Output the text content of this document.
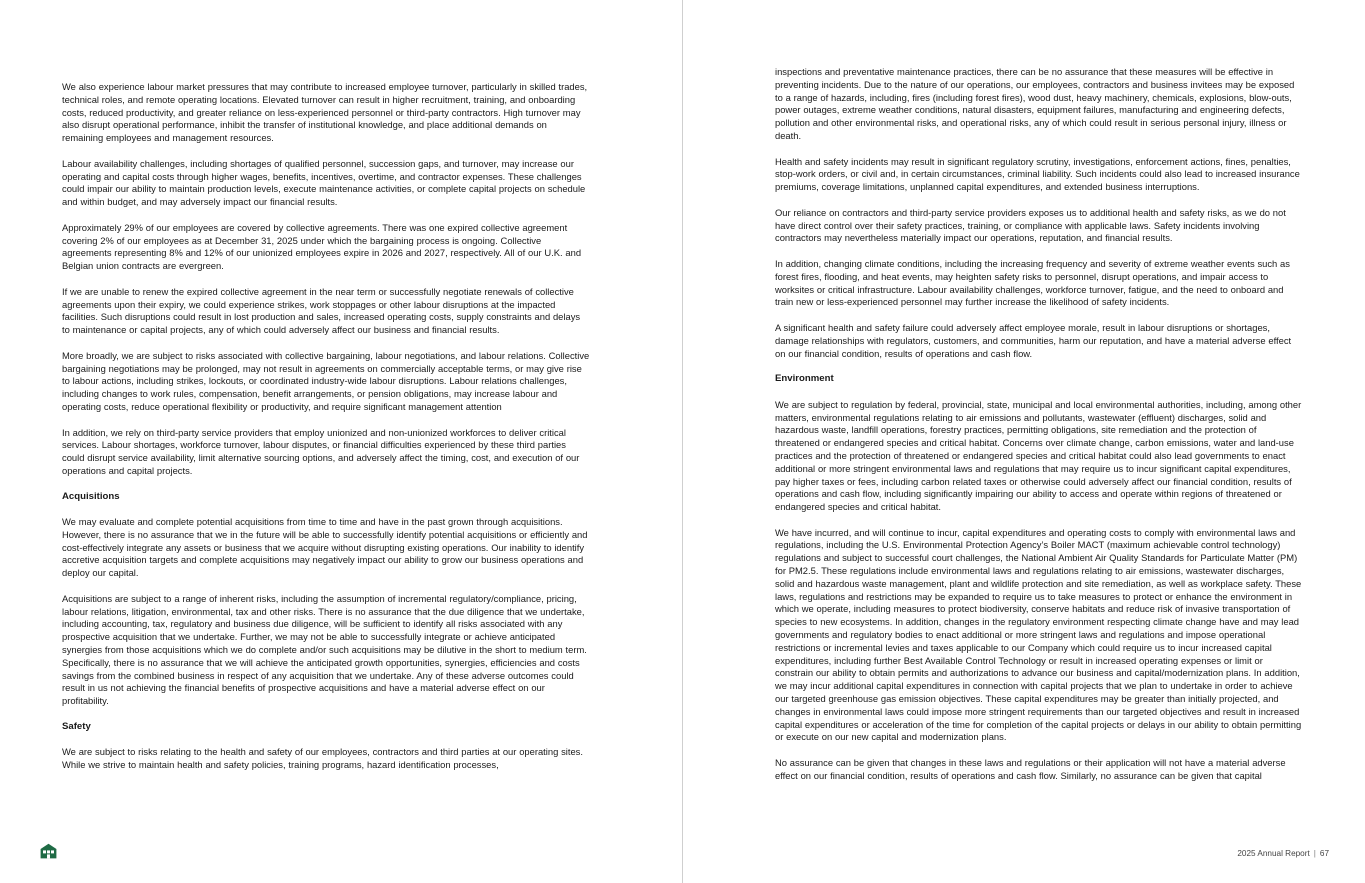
We also experience labour market pressures that may contribute to increased employee turnover, particularly in skilled trades, technical roles, and remote operating locations. Elevated turnover can result in higher recruitment, training, and onboarding costs, reduced productivity, and greater reliance on less-experienced personnel or third-party contractors. High turnover may also disrupt operational performance, inhibit the transfer of institutional knowledge, and place additional demands on remaining employees and management resources.

Labour availability challenges, including shortages of qualified personnel, succession gaps, and turnover, may increase our operating and capital costs through higher wages, benefits, incentives, overtime, and contractor expenses. These challenges could impair our ability to maintain production levels, execute maintenance activities, or complete capital projects on schedule and within budget, and may adversely impact our financial results.

Approximately 29% of our employees are covered by collective agreements. There was one expired collective agreement covering 2% of our employees as at December 31, 2025 under which the bargaining process is ongoing. Collective agreements representing 8% and 12% of our unionized employees expire in 2026 and 2027, respectively. All of our U.K. and Belgian union contracts are evergreen.

If we are unable to renew the expired collective agreement in the near term or successfully negotiate renewals of collective agreements upon their expiry, we could experience strikes, work stoppages or other labour disruptions at the impacted facilities. Such disruptions could result in lost production and sales, increased operating costs, supply constraints and delays to maintenance or capital projects, any of which could adversely affect our business and financial results.

More broadly, we are subject to risks associated with collective bargaining, labour negotiations, and labour relations. Collective bargaining negotiations may be prolonged, may not result in agreements on commercially acceptable terms, or may give rise to labour actions, including strikes, lockouts, or coordinated industry-wide labour disruptions. Labour relations challenges, including changes to work rules, compensation, benefit arrangements, or pension obligations, may increase labour and operating costs, reduce operational flexibility or productivity, and require significant management attention

In addition, we rely on third-party service providers that employ unionized and non-unionized workforces to deliver critical services. Labour shortages, workforce turnover, labour disputes, or financial difficulties experienced by these third parties could disrupt service availability, limit alternative sourcing options, and adversely affect the timing, cost, and execution of our operations and capital projects.

Acquisitions

We may evaluate and complete potential acquisitions from time to time and have in the past grown through acquisitions. However, there is no assurance that we in the future will be able to successfully identify potential acquisitions or efficiently and cost-effectively integrate any assets or business that we acquire without disrupting existing operations. Our inability to identify accretive acquisition targets and complete acquisitions may negatively impact our ability to grow our business operations and deploy our capital.

Acquisitions are subject to a range of inherent risks, including the assumption of incremental regulatory/compliance, pricing, labour relations, litigation, environmental, tax and other risks. There is no assurance that the due diligence that we undertake, including accounting, tax, regulatory and business due diligence, will be sufficient to identify all risks associated with any prospective acquisition that we undertake. Further, we may not be able to successfully integrate or achieve anticipated synergies from those acquisitions which we do complete and/or such acquisitions may be dilutive in the short to medium term. Specifically, there is no assurance that we will achieve the anticipated growth opportunities, synergies, efficiencies and costs savings from the combined business in respect of any acquisition that we undertake. Any of these adverse outcomes could result in us not achieving the financial benefits of prospective acquisitions and have a material adverse effect on our profitability.

Safety

We are subject to risks relating to the health and safety of our employees, contractors and third parties at our operating sites. While we strive to maintain health and safety policies, training programs, hazard identification processes,

inspections and preventative maintenance practices, there can be no assurance that these measures will be effective in preventing incidents. Due to the nature of our operations, our employees, contractors and business invitees may be exposed to a range of hazards, including, fires (including forest fires), wood dust, heavy machinery, chemicals, explosions, blow-outs, power outages, extreme weather conditions, natural disasters, equipment failures, manufacturing and engineering defects, pollution and other environmental risks, and operational risks, any of which could result in serious personal injury, illness or death.

Health and safety incidents may result in significant regulatory scrutiny, investigations, enforcement actions, fines, penalties, stop-work orders, or civil and, in certain circumstances, criminal liability. Such incidents could also lead to increased insurance premiums, coverage limitations, unplanned capital expenditures, and extended business interruptions.

Our reliance on contractors and third-party service providers exposes us to additional health and safety risks, as we do not have direct control over their safety practices, training, or compliance with applicable laws. Safety incidents involving contractors may nevertheless materially impact our operations, reputation, and financial results.

In addition, changing climate conditions, including the increasing frequency and severity of extreme weather events such as forest fires, flooding, and heat events, may heighten safety risks to personnel, disrupt operations, and impair access to worksites or critical infrastructure. Labour availability challenges, workforce turnover, fatigue, and the need to onboard and train new or less-experienced personnel may further increase the likelihood of safety incidents.

A significant health and safety failure could adversely affect employee morale, result in labour disruptions or shortages, damage relationships with regulators, customers, and communities, harm our reputation, and have a material adverse effect on our financial condition, results of operations and cash flow.

Environment

We are subject to regulation by federal, provincial, state, municipal and local environmental authorities, including, among other matters, environmental regulations relating to air emissions and pollutants, wastewater (effluent) discharges, solid and hazardous waste, landfill operations, forestry practices, permitting obligations, site remediation and the protection of threatened or endangered species and critical habitat. Concerns over climate change, carbon emissions, water and land-use practices and the protection of threatened or endangered species and critical habitat could also lead governments to enact additional or more stringent environmental laws and regulations that may require us to incur significant capital expenditures, pay higher taxes or fees, including carbon related taxes or otherwise could adversely affect our financial condition, results of operations and cash flow, including significantly impairing our ability to access and operate within regions of threatened or endangered species and critical habitat.

We have incurred, and will continue to incur, capital expenditures and operating costs to comply with environmental laws and regulations, including the U.S. Environmental Protection Agency’s Boiler MACT (maximum achievable control technology) regulations and subject to successful court challenges, the National Ambient Air Quality Standards for Particulate Matter (PM) for PM2.5. These regulations include environmental laws and regulations relating to air emissions, wastewater discharges, solid and hazardous waste management, plant and wildlife protection and site remediation, as well as workplace safety. These laws, regulations and restrictions may be expanded to require us to take measures to protect or enhance the environment in which we operate, including measures to protect biodiversity, conserve habitats and reduce risk of invasive transportation of species to new ecosystems. In addition, changes in the regulatory environment respecting climate change have and may lead governments and regulatory bodies to enact additional or more stringent laws and regulations and impose operational restrictions or incremental levies and taxes applicable to our Company which could require us to incur increased capital expenditures, including further Best Available Control Technology or result in increased operating expenses or limit or constrain our ability to obtain permits and authorizations to advance our business and capital/modernization plans. In addition, we may incur additional capital expenditures in connection with capital projects that we plan to undertake in order to achieve our targeted greenhouse gas emission objectives. These capital expenditures may be greater than initially projected, and changes in environmental laws could impose more stringent requirements than our targeted objectives and result in increased capital expenditures or acceleration of the time for completion of the capital projects or delays in our ability to obtain permitting or execute on our new capital and modernization plans.

No assurance can be given that changes in these laws and regulations or their application will not have a material adverse effect on our financial condition, results of operations and cash flow. Similarly, no assurance can be given that capital

2025 Annual Report | 67
